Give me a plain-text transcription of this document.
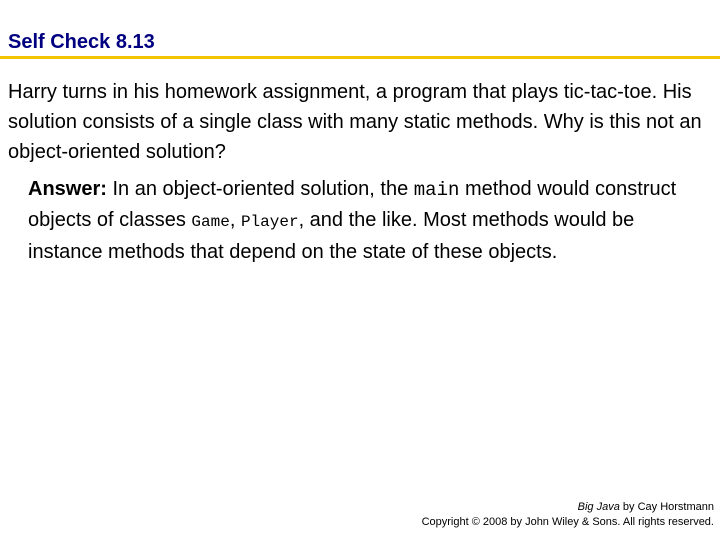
Self Check 8.13
Harry turns in his homework assignment, a program that plays tic-tac-toe. His solution consists of a single class with many static methods. Why is this not an object-oriented solution?
Answer: In an object-oriented solution, the main method would construct objects of classes Game, Player, and the like. Most methods would be instance methods that depend on the state of these objects.
Big Java by Cay Horstmann
Copyright © 2008 by John Wiley & Sons. All rights reserved.
